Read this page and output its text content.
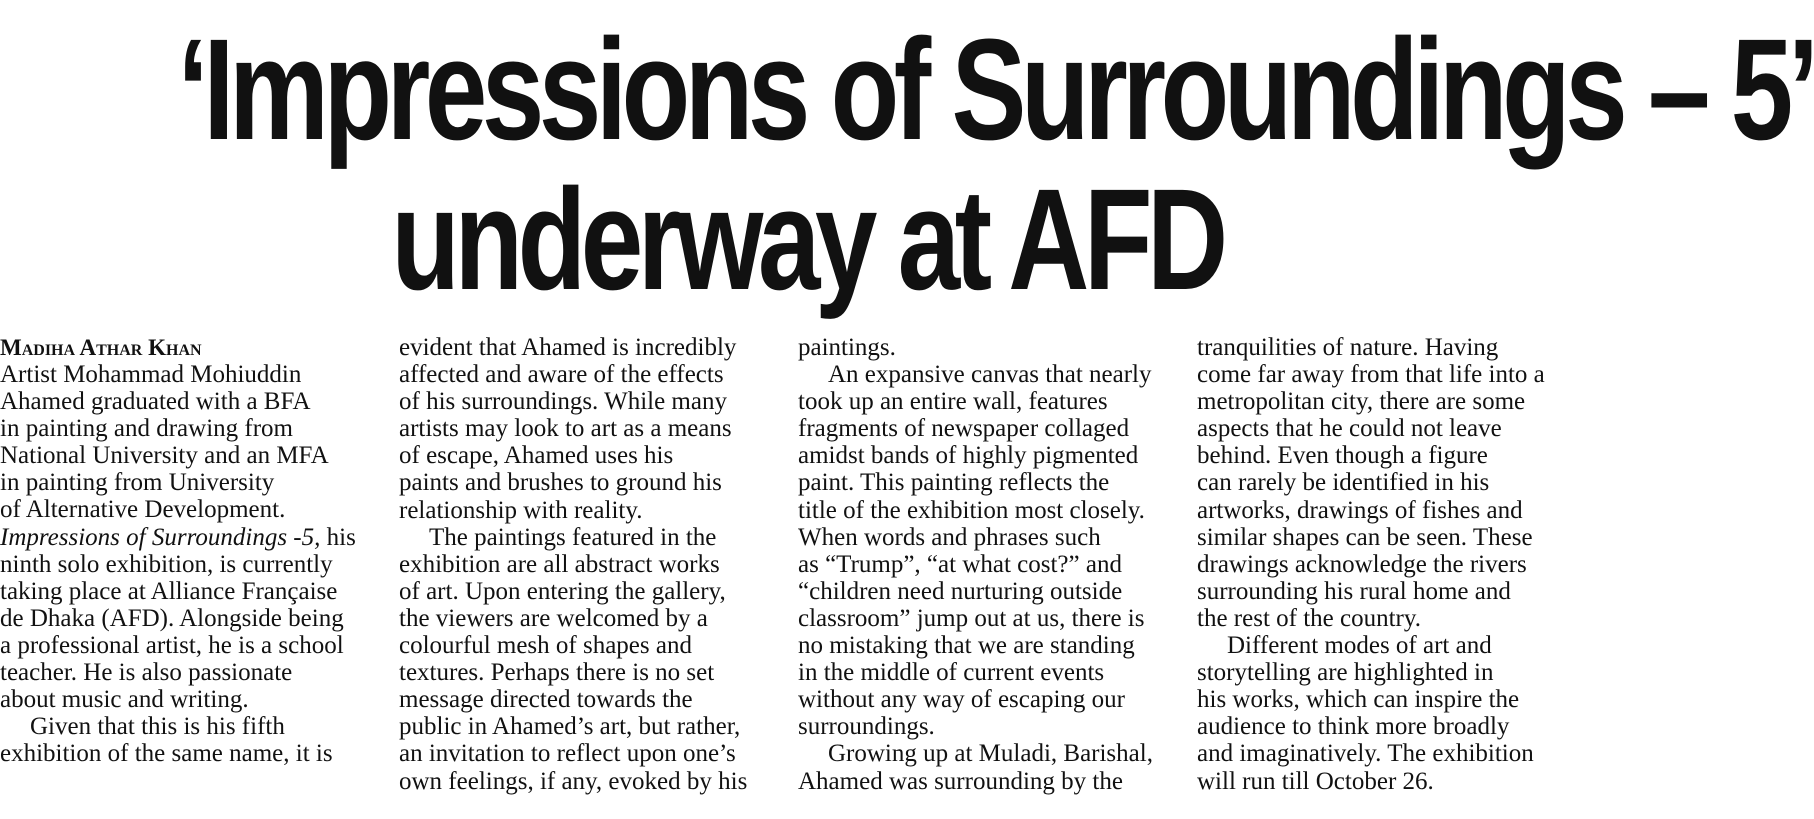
‘Impressions of Surroundings – 5’
underway at AFD

Madiha Athar Khan

Artist Mohammad Mohiuddin

Ahamed graduated with a BFA

in painting and drawing from

National University and an MFA

in painting from University

of Alternative Development.

Impressions of Surroundings -5, his

ninth solo exhibition, is currently

taking place at Alliance Française

de Dhaka (AFD). Alongside being

a professional artist, he is a school

teacher. He is also passionate

about music and writing.

Given that this is his fifth

exhibition of the same name, it is

evident that Ahamed is incredibly

affected and aware of the effects

of his surroundings. While many

artists may look to art as a means

of escape, Ahamed uses his

paints and brushes to ground his

relationship with reality.

The paintings featured in the

exhibition are all abstract works

of art. Upon entering the gallery,

the viewers are welcomed by a

colourful mesh of shapes and

textures. Perhaps there is no set

message directed towards the

public in Ahamed’s art, but rather,

an invitation to reflect upon one’s

own feelings, if any, evoked by his

paintings.

An expansive canvas that nearly

took up an entire wall, features

fragments of newspaper collaged

amidst bands of highly pigmented

paint. This painting reflects the

title of the exhibition most closely.

When words and phrases such

as “Trump”, “at what cost?” and

“children need nurturing outside

classroom” jump out at us, there is

no mistaking that we are standing

in the middle of current events

without any way of escaping our

surroundings.

Growing up at Muladi, Barishal,

Ahamed was surrounding by the

tranquilities of nature. Having

come far away from that life into a

metropolitan city, there are some

aspects that he could not leave

behind. Even though a figure

can rarely be identified in his

artworks, drawings of fishes and

similar shapes can be seen. These

drawings acknowledge the rivers

surrounding his rural home and

the rest of the country.

Different modes of art and

storytelling are highlighted in

his works, which can inspire the

audience to think more broadly

and imaginatively. The exhibition

will run till October 26.
